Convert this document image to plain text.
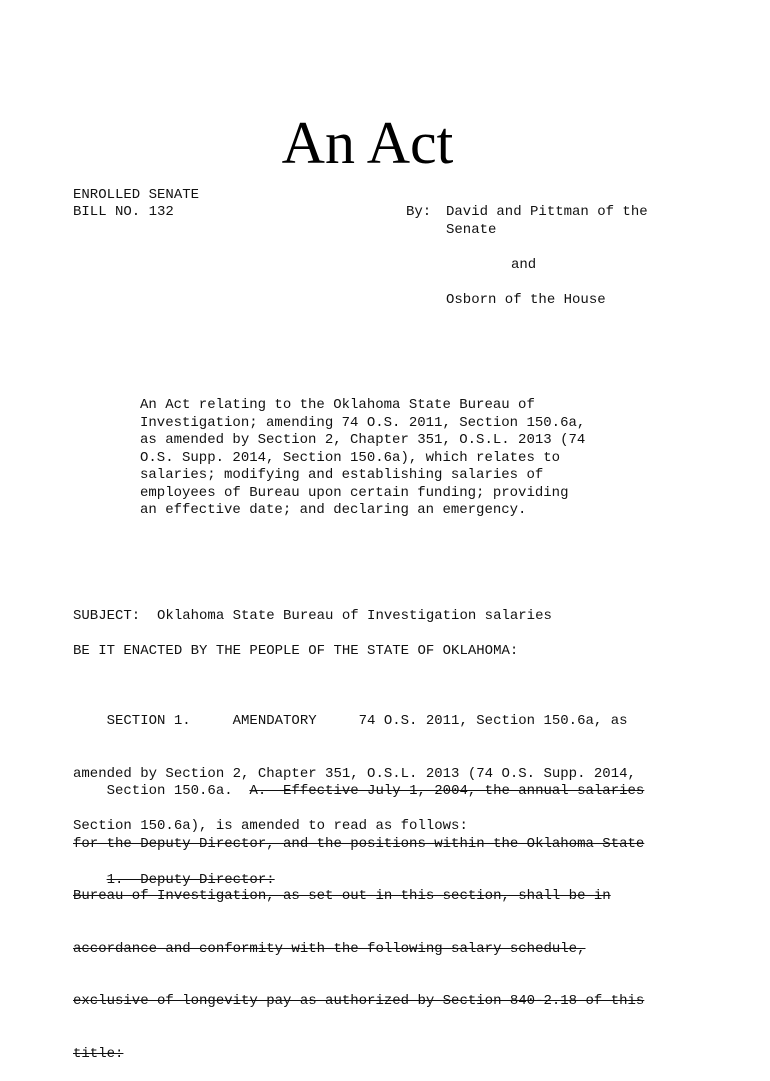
An Act
ENROLLED SENATE
BILL NO. 132	By: David and Pittman of the
Senate
and
Osborn of the House
An Act relating to the Oklahoma State Bureau of
Investigation; amending 74 O.S. 2011, Section 150.6a,
as amended by Section 2, Chapter 351, O.S.L. 2013 (74
O.S. Supp. 2014, Section 150.6a), which relates to
salaries; modifying and establishing salaries of
employees of Bureau upon certain funding; providing
an effective date; and declaring an emergency.
SUBJECT:  Oklahoma State Bureau of Investigation salaries
BE IT ENACTED BY THE PEOPLE OF THE STATE OF OKLAHOMA:

SECTION 1.     AMENDATORY     74 O.S. 2011, Section 150.6a, as

amended by Section 2, Chapter 351, O.S.L. 2013 (74 O.S. Supp. 2014,

Section 150.6a), is amended to read as follows:

Section 150.6a.  A.  Effective July 1, 2004, the annual salaries

for the Deputy Director, and the positions within the Oklahoma State

Bureau of Investigation, as set out in this section, shall be in

accordance and conformity with the following salary schedule,

exclusive of longevity pay as authorized by Section 840-2.18 of this

title:

1.  Deputy Director:
